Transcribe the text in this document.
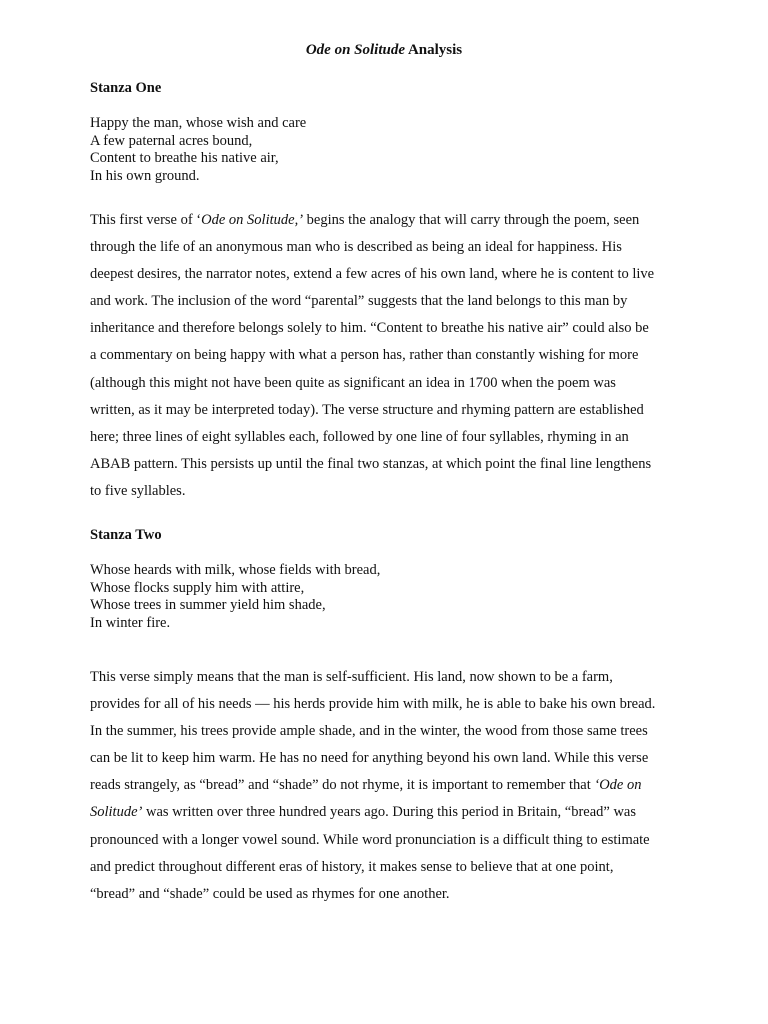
Ode on Solitude Analysis
Stanza One
Happy the man, whose wish and care
A few paternal acres bound,
Content to breathe his native air,
In his own ground.
This first verse of ‘Ode on Solitude,’ begins the analogy that will carry through the poem, seen
through the life of an anonymous man who is described as being an ideal for happiness. His
deepest desires, the narrator notes, extend a few acres of his own land, where he is content to live
and work. The inclusion of the word “parental” suggests that the land belongs to this man by
inheritance and therefore belongs solely to him. “Content to breathe his native air” could also be
a commentary on being happy with what a person has, rather than constantly wishing for more
(although this might not have been quite as significant an idea in 1700 when the poem was
written, as it may be interpreted today). The verse structure and rhyming pattern are established
here; three lines of eight syllables each, followed by one line of four syllables, rhyming in an
ABAB pattern. This persists up until the final two stanzas, at which point the final line lengthens
to five syllables.
Stanza Two
Whose heards with milk, whose fields with bread,
Whose flocks supply him with attire,
Whose trees in summer yield him shade,
In winter fire.
This verse simply means that the man is self-sufficient. His land, now shown to be a farm,
provides for all of his needs — his herds provide him with milk, he is able to bake his own bread.
In the summer, his trees provide ample shade, and in the winter, the wood from those same trees
can be lit to keep him warm. He has no need for anything beyond his own land. While this verse
reads strangely, as “bread” and “shade” do not rhyme, it is important to remember that ‘Ode on
Solitude’ was written over three hundred years ago. During this period in Britain, “bread” was
pronounced with a longer vowel sound. While word pronunciation is a difficult thing to estimate
and predict throughout different eras of history, it makes sense to believe that at one point,
“bread” and “shade” could be used as rhymes for one another.
